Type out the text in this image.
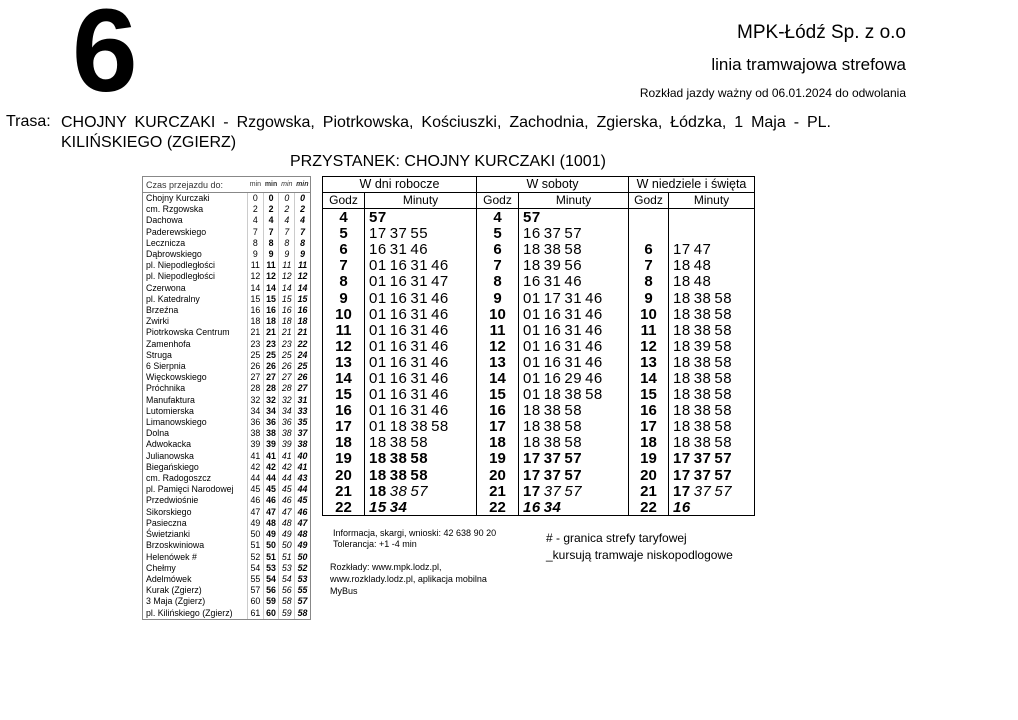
6	MPK-Łódź Sp. z o.o
linia tramwajowa strefowa
Rozkład jazdy ważny od 06.01.2024 do odwolania
Trasa: CHOJNY KURCZAKI - Rzgowska, Piotrkowska, Kościuszki, Zachodnia, Zgierska, Łódzka, 1 Maja - PL. KILIŃSKIEGO (ZGIERZ)
PRZYSTANEK: CHOJNY KURCZAKI (1001)
Czas przejazdu do:	min	min	min	min
Chojny Kurczaki	0	0	0	0
cm. Rzgowska	2	2	2	2
Dachowa	4	4	4	4
Paderewskiego	7	7	7	7
Lecznicza	8	8	8	8
Dąbrowskiego	9	9	9	9
pl. Niepodległości	11	11	11	11
pl. Niepodległości	12	12	12	12
Czerwona	14	14	14	14
pl. Katedralny	15	15	15	15
Brzeźna	16	16	16	16
Zwirki	18	18	18	18
Piotrkowska Centrum	21	21	21	21
Zamenhofa	23	23	23	22
Struga	25	25	25	24
6 Sierpnia	26	26	26	25
Więckowskiego	27	27	27	26
Próchnika	28	28	28	27
Manufaktura	32	32	32	31
Lutomierska	34	34	34	33
Limanowskiego	36	36	36	35
Dolna	38	38	38	37
Adwokacka	39	39	39	38
Julianowska	41	41	41	40
Biegańskiego	42	42	42	41
cm. Radogoszcz	44	44	44	43
pl. Pamięci Narodowej	45	45	45	44
Przedwiośnie	46	46	46	45
Sikorskiego	47	47	47	46
Pasieczna	49	48	48	47
Świetzianki	50	49	49	48
Brzoskwiniowa	51	50	50	49
Helenówek #	52	51	51	50
Chełmy	54	53	53	52
Adelmówek	55	54	54	53
Kurak (Zgierz)	57	56	56	55
3 Maja (Zgierz)	60	59	58	57
pl. Kilińskiego (Zgierz)	61	60	59	58
W dni robocze
Godz	Minuty
4	57
5	17 37 55
6	16 31 46
7	01 16 31 46
8	01 16 31 47
9	01 16 31 46
10	01 16 31 46
11	01 16 31 46
12	01 16 31 46
13	01 16 31 46
14	01 16 31 46
15	01 16 31 46
16	01 16 31 46
17	01 18 38 58
18	18 38 58
19	18 38 58
20	18 38 58
21	18 38 57
22	15 34
W soboty
Godz	Minuty
4	57
5	16 37 57
6	18 38 58
7	18 39 56
8	16 31 46
9	01 17 31 46
10	01 16 31 46
11	01 16 31 46
12	01 16 31 46
13	01 16 31 46
14	01 16 29 46
15	01 18 38 58
16	18 38 58
17	18 38 58
18	18 38 58
19	17 37 57
20	17 37 57
21	17 37 57
22	16 34
W niedziele i święta
Godz	Minuty
6	17 47
7	18 48
8	18 48
9	18 38 58
10	18 38 58
11	18 38 58
12	18 39 58
13	18 38 58
14	18 38 58
15	18 38 58
16	18 38 58
17	18 38 58
18	18 38 58
19	17 37 57
20	17 37 57
21	17 37 57
22	16
Informacja, skargi, wnioski: 42 638 90 20
Tolerancja: +1 -4 min
Rozkłady: www.mpk.lodz.pl,
www.rozklady.lodz.pl, aplikacja mobilna
MyBus
# - granica strefy taryfowej
_kursują tramwaje niskopodlogowe
